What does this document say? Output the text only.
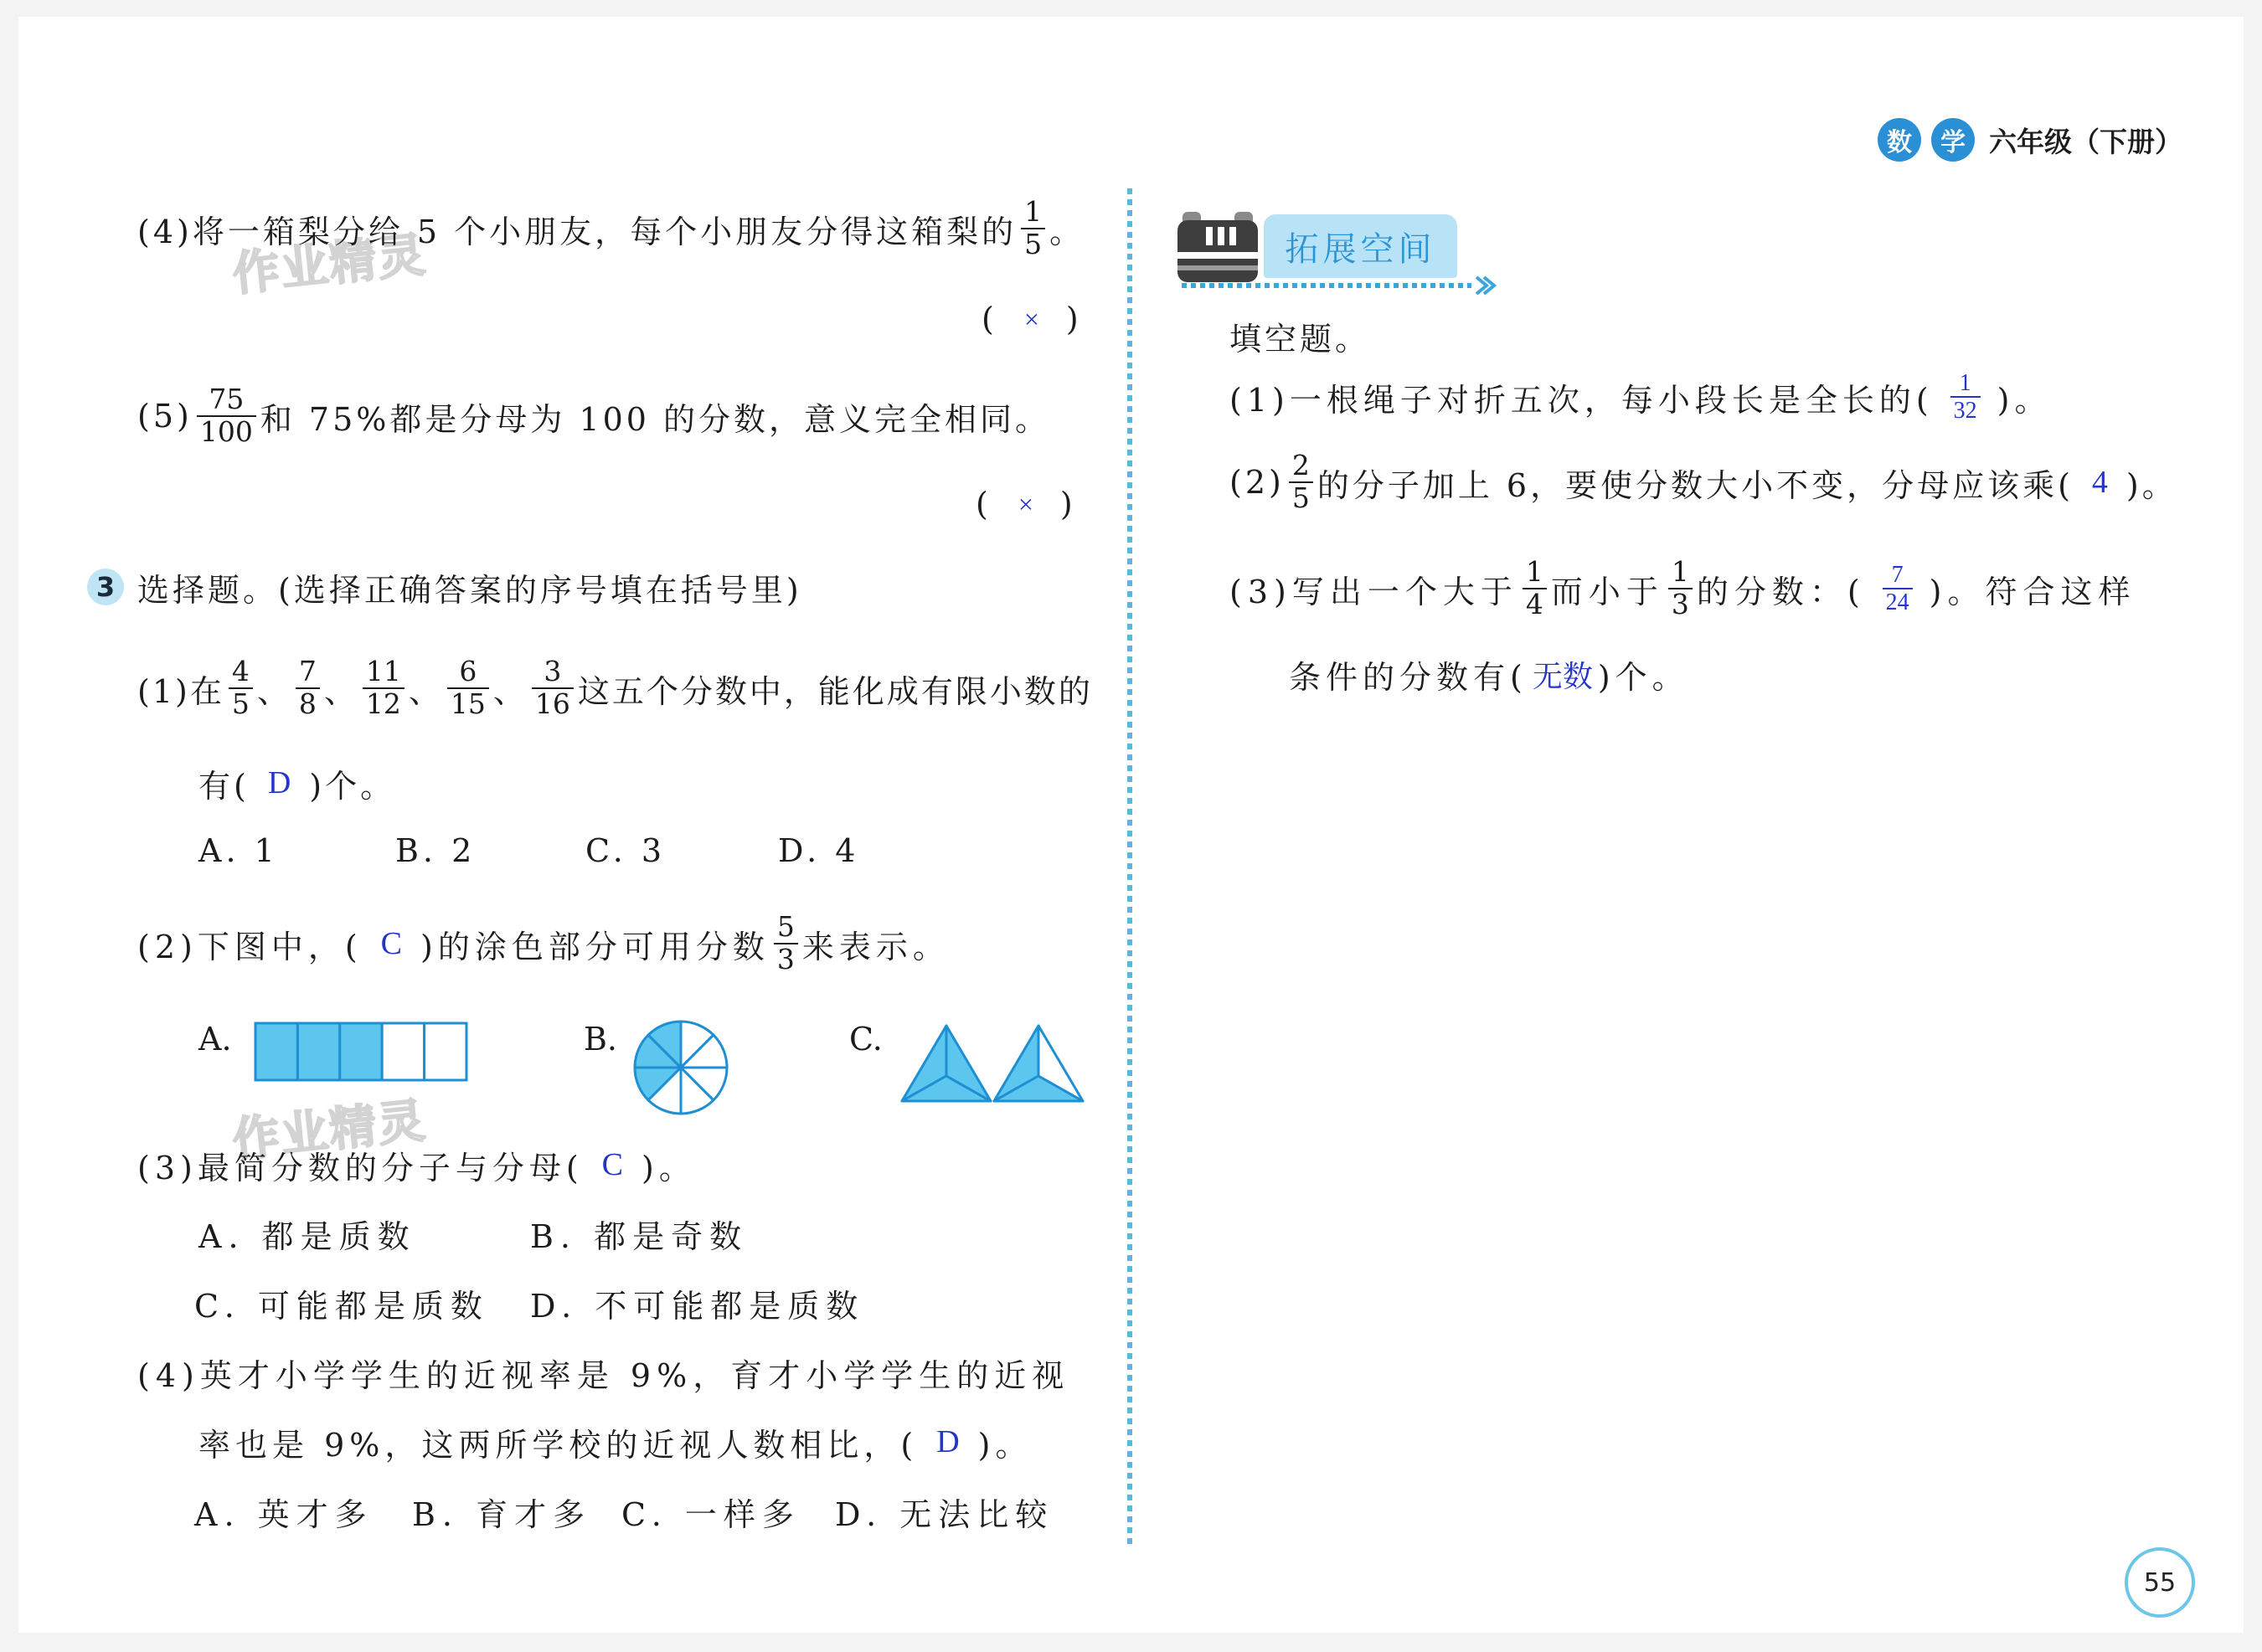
数	学 六年级（下册）
作业精灵
作业精灵
(4)将一箱梨分给 5 个小朋友，每个小朋友分得这箱梨的 $\frac{1}{5}$ 。
(	× )
$(5) \frac{75}{100}$ 和 75%都是分母为 100 的分数，意义完全相同。
(	× )
3 选择题。(选择正确答案的序号填在括号里)
(1)在 $\frac{4}{5}$ 、 $\frac{7}{8}$ 、 $\frac{11}{12}$ 、 $\frac{6}{15}$ 、 $\frac{3}{16}$ 这五个分数中，能化成有限小数的
有( D )个。
A. 1	B. 2	C. 3	D. 4
(2)下图中，( C )的涂色部分可用分数 $\frac{5}{3}$ 来表示。
A.	B.	C.
(3)最简分数的分子与分母( C )。
A. 都是质数	B. 都是奇数
C. 可能都是质数 D. 不可能都是质数
(4)英才小学学生的近视率是 9%，育才小学学生的近视
率也是 9%，这两所学校的近视人数相比，( D )。
A. 英才多 B. 育才多 C. 一样多 D. 无法比较
拓展空间
填空题。
(1)一根绳子对折五次，每小段长是全长的( $\frac{1}{32}$ )。
$(2) \frac{2}{5}$ 的分子加上 6，要使分数大小不变，分母应该乘( 4 )。
(3)写出一个大于 $\frac{1}{4}$ 而小于 $\frac{1}{3}$ 的分数：( $\frac{7}{24}$ )。符合这样
条件的分数有( 无数 )个。
55
